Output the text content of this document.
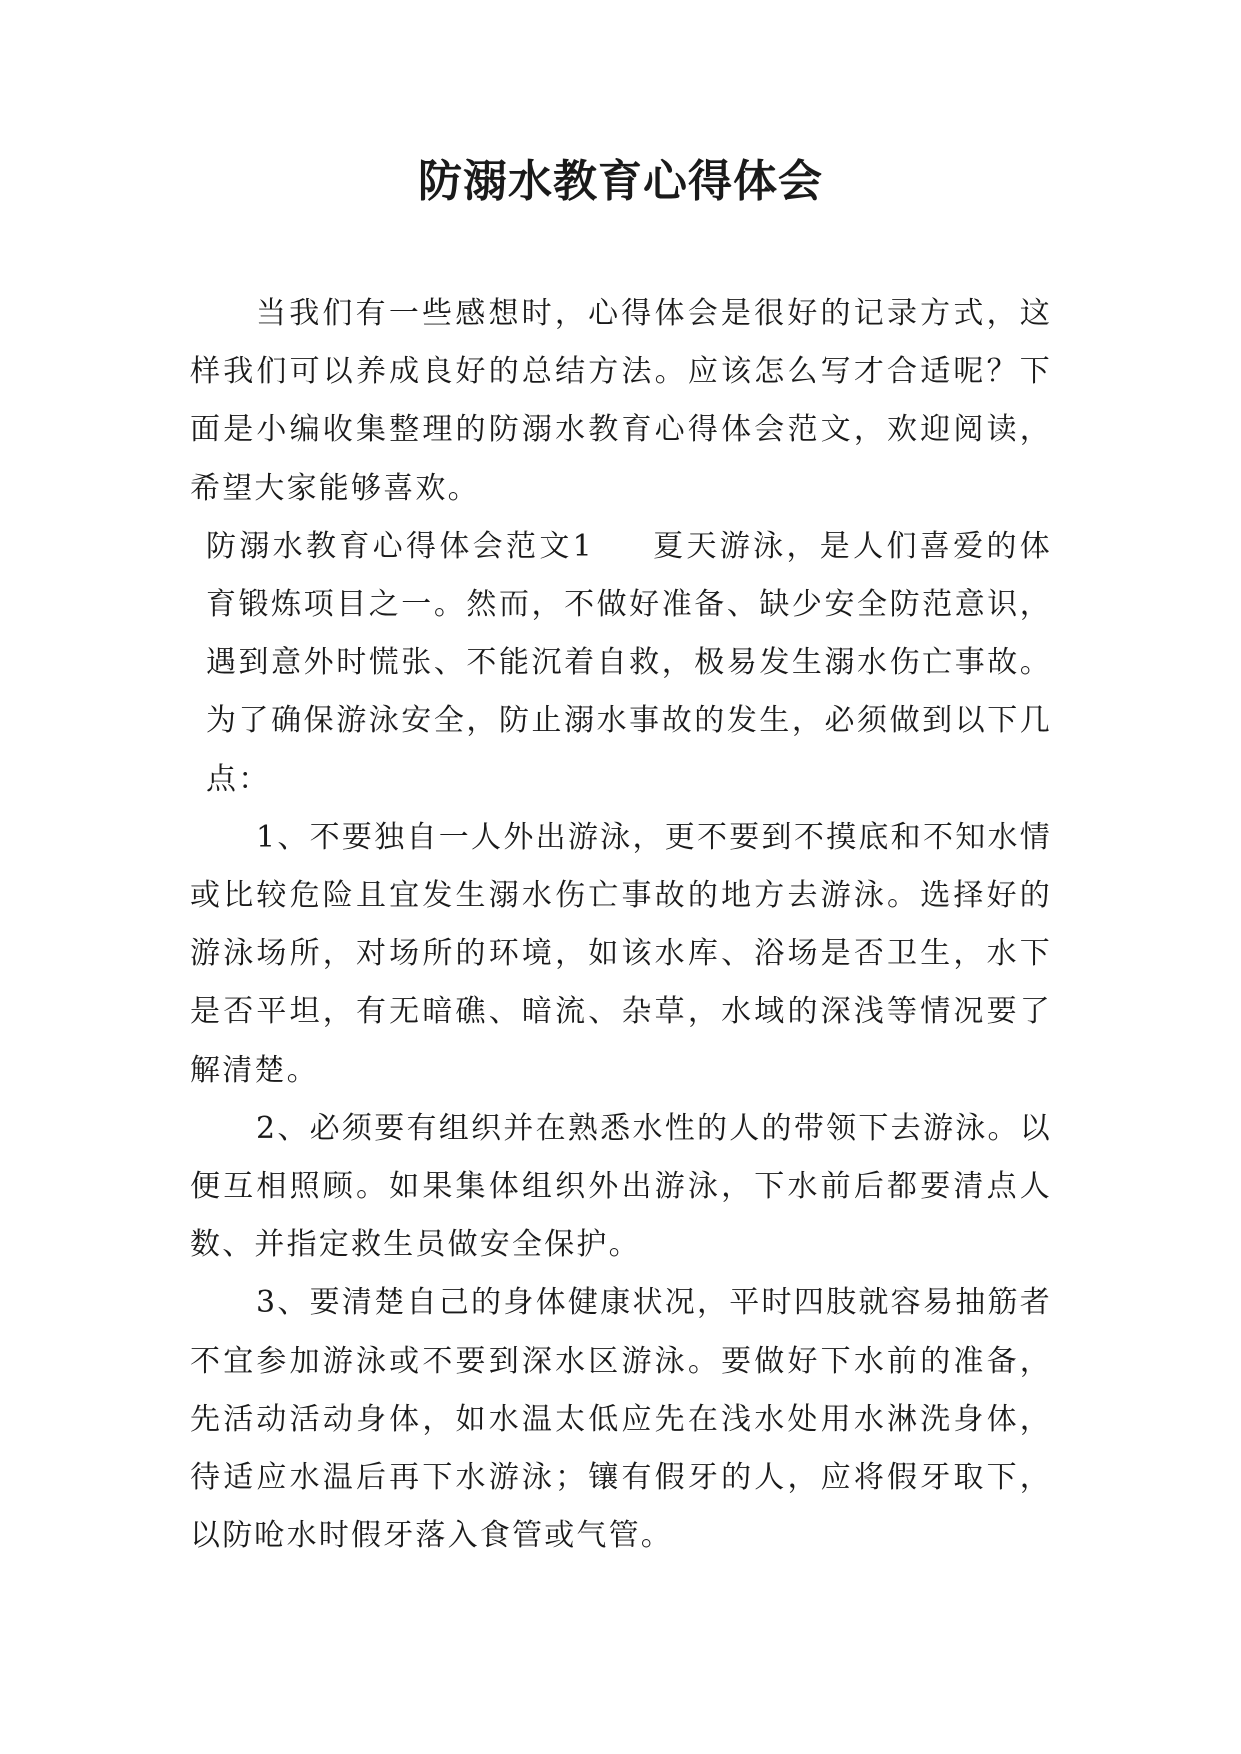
防溺水教育心得体会

当我们有一些感想时，心得体会是很好的记录方式，这样我们可以养成良好的总结方法。应该怎么写才合适呢？下面是小编收集整理的防溺水教育心得体会范文，欢迎阅读，希望大家能够喜欢。

防溺水教育心得体会范文1 夏天游泳，是人们喜爱的体育锻炼项目之一。然而，不做好准备、缺少安全防范意识，遇到意外时慌张、不能沉着自救，极易发生溺水伤亡事故。为了确保游泳安全，防止溺水事故的发生，必须做到以下几点：

1、不要独自一人外出游泳，更不要到不摸底和不知水情或比较危险且宜发生溺水伤亡事故的地方去游泳。选择好的游泳场所，对场所的环境，如该水库、浴场是否卫生，水下是否平坦，有无暗礁、暗流、杂草，水域的深浅等情况要了解清楚。

2、必须要有组织并在熟悉水性的人的带领下去游泳。以便互相照顾。如果集体组织外出游泳，下水前后都要清点人数、并指定救生员做安全保护。

3、要清楚自己的身体健康状况，平时四肢就容易抽筋者不宜参加游泳或不要到深水区游泳。要做好下水前的准备，先活动活动身体，如水温太低应先在浅水处用水淋洗身体，待适应水温后再下水游泳；镶有假牙的人，应将假牙取下，以防呛水时假牙落入食管或气管。
